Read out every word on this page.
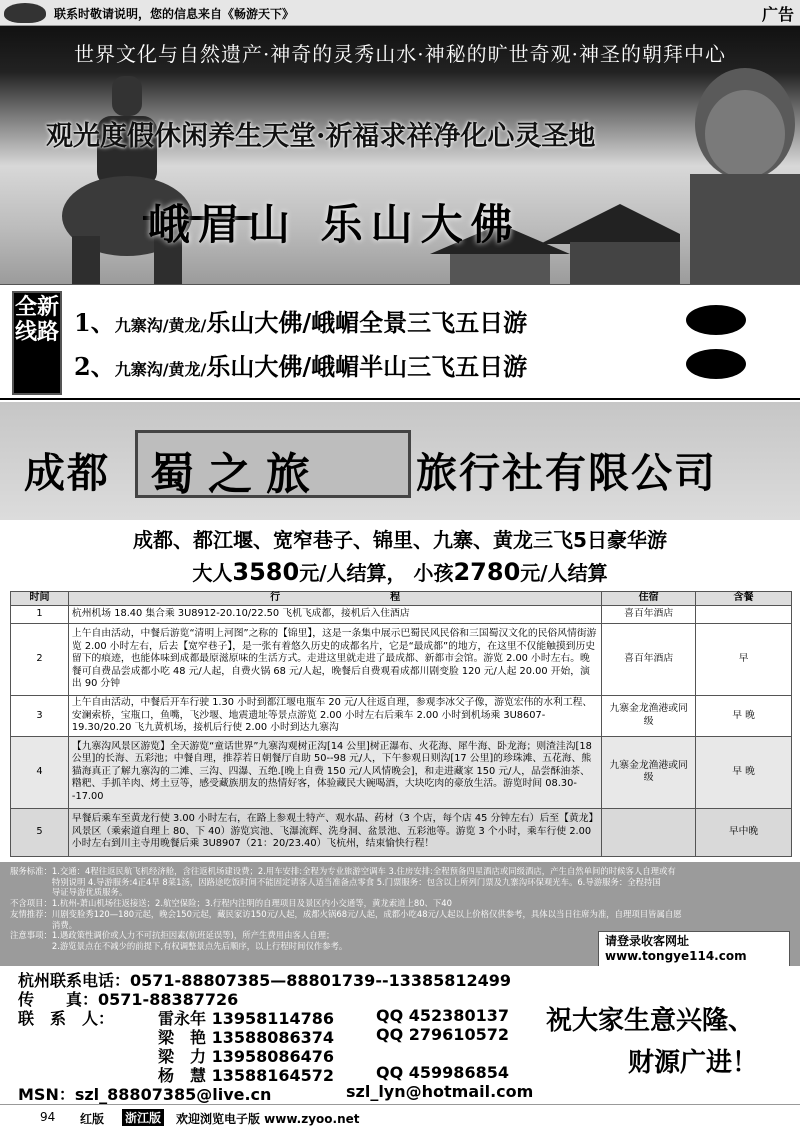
联系时敬请说明，您的信息来自《畅游天下》	广告
世界文化与自然遗产·神奇的灵秀山水·神秘的旷世奇观·神圣的朝拜中心
观光度假休闲养生天堂·祈福求祥净化心灵圣地
峨眉山 乐山大佛
全新线路 1、九寨沟/黄龙/乐山大佛/峨嵋全景三飞五日游
2、九寨沟/黄龙/乐山大佛/峨嵋半山三飞五日游
成都 蜀之旅 旅行社有限公司
成都、都江堰、宽窄巷子、锦里、九寨、黄龙三飞5日豪华游
大人3580元/人结算， 小孩2780元/人结算
时间	行　　　　　　　　　　　程	住宿	含餐
1	杭州机场 18.40 集合乘 3U8912-20.10/22.50 飞机飞成都，接机后入住酒店	喜百年酒店	
2	上午自由活动，中餐后游览“清明上河图”之称的【锦里】，这是一条集中展示巴蜀民风民俗和三国蜀汉文化的民俗风情街游览 2.00 小时左右，后去【宽窄巷子】，是一张有着悠久历史的成都名片，它是“最成都”的地方，在这里不仅能触摸到历史留下的痕迹，也能体味到成都最原滋原味的生活方式。走进这里就走进了最成都、新都市会馆。游览 2.00 小时左右。晚餐可自费品尝成都小吃 48 元/人起，自费火锅 68 元/人起，晚餐后自费观看成都川剧变脸 120 元/人起 20.00 开始，演出 90 分钟	喜百年酒店	早
3	上午自由活动，中餐后开车行驶 1.30 小时到都江堰电瓶车 20 元/人往返自理，参观李冰父子像，游览宏伟的水利工程、安澜索桥，宝瓶口，鱼嘴，飞沙堰、地震遗址等景点游览 2.00 小时左右后乘车 2.00 小时到机场乘 3U8607-19.30/20.20 飞九黄机场，接机后行使 2.00 小时到达九寨沟	九寨金龙渔港或同级	早 晚
4	【九寨沟风景区游览】全天游览“童话世界”九寨沟观树正沟[14 公里]树正瀑布、火花海、犀牛海、卧龙海；则渣洼沟[18 公里]的长海、五彩池；中餐自理，推荐若日朝餐厅自助 50--98 元/人，下午参观日则沟[17 公里]的珍珠滩、五花海、熊猫海真正了解九寨沟的二滩、三沟、四瀑、五绝.[晚上自费 150 元/人风情晚会]，和走进藏家 150 元/人，品尝酥油茶、糌粑、手抓羊肉、烤土豆等，感受藏族朋友的热情好客，体验藏民大碗喝酒，大块吃肉的豪放生活。游览时间 08.30--17.00	九寨金龙渔港或同级	早 晚
5	早餐后乘车至黄龙行使 3.00 小时左右，在路上参观土特产、观水晶、药材（3 个店，每个店 45 分钟左右）后至【黄龙】风景区（乘索道自理上 80、下 40）游览宾池、飞瀑流辉、洗身洞、盆景池、五彩池等。游览 3 个小时，乘车行使 2.00 小时左右到川主寺用晚餐后乘 3U8907（21：20/23.40）飞杭州，结束愉快行程！		早中晚
服务标准：1.交通：4程往返民航飞机经济舱，含往返机场建设费；2.用车安排:全程为专业旅游空调车 3.住房安排:全程预备四星酒店或同级酒店，产生自然单间的时候客人自理或有
　　　　　特别说明 4.导游服务:4正4早 8菜1汤，因路途吃饭时间不能固定请客人适当准备点零食 5.门票服务：包含以上所列门票及九寨沟环保观光车。6.导游服务：全程持国
　　　　　导证导游优质服务。
不含项目：1.杭州-萧山机场往返接送；2.航空保险；3.行程内注明的自理项目及景区内小交通等，黄龙索道上80、下40
友情推荐：川剧变脸秀120—180元起，晚会150元起，藏民家访150元/人起，成都火锅68元/人起，成都小吃48元/人起以上价格仅供参考，具体以当日往席为准，自理项目皆属自愿
　　　　　消费。
注意事项：1.遇政策性调价或人力不可抗拒因素(航班延误等)，所产生费用由客人自理；
　　　　　2.游览景点在不减少的前提下,有权调整景点先后顺序，以上行程时间仅作参考。	请登录收客网址
www.tongye114.com
杭州联系电话：0571-88807385—88801739--13385812499
传　　真：0571-88387726
联　系　人：	雷永年 13958114786	QQ 452380137
梁　艳 13588086374	QQ 279610572
梁　力 13958086476
杨　慧 13588164572	QQ 459986854
MSN：szl_88807385@live.cn	szl_lyn@hotmail.com
祝大家生意兴隆、
财源广进！
94 红版 浙江版 欢迎浏览电子版 www.zyoo.net
